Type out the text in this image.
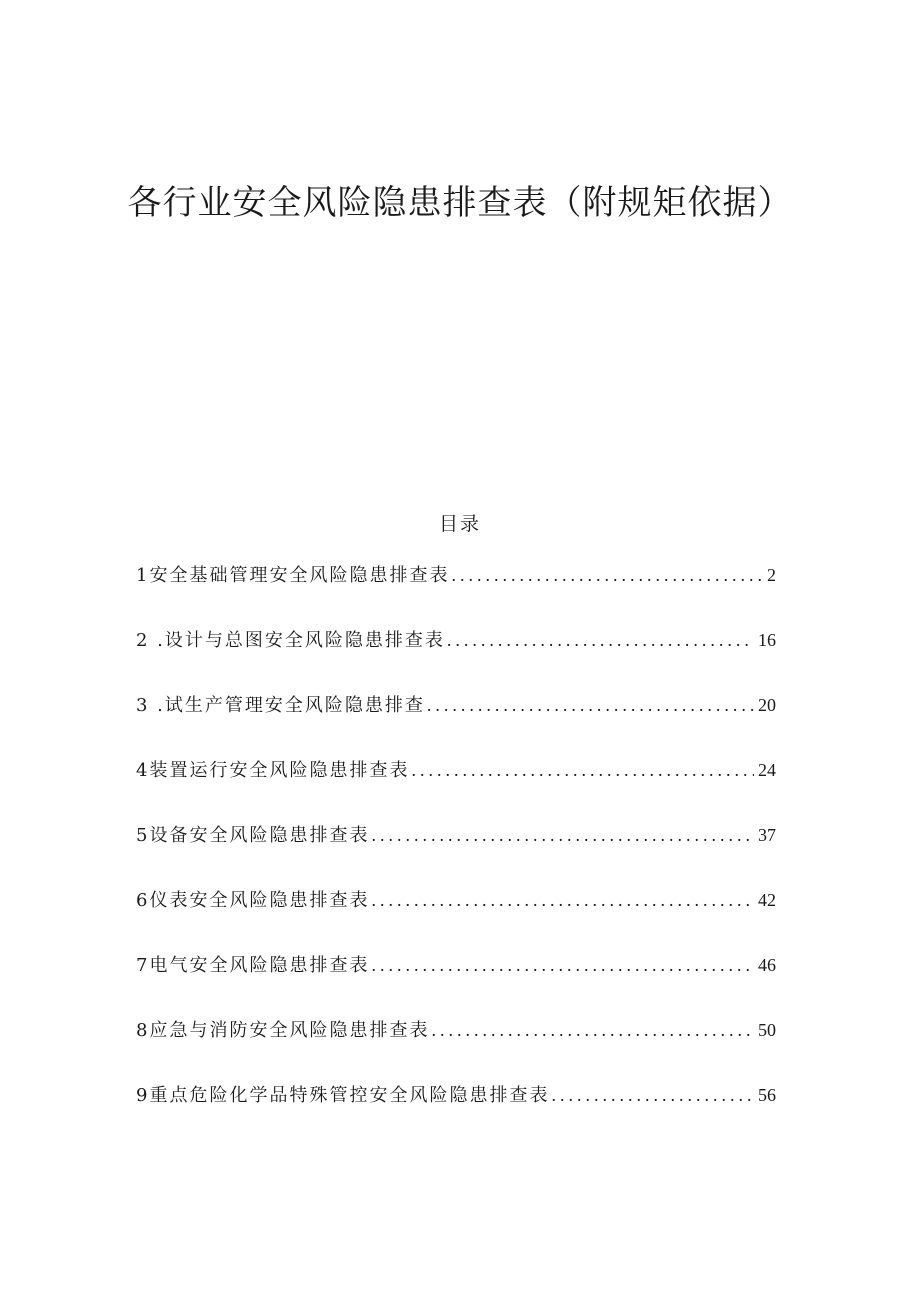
各行业安全风险隐患排查表（附规矩依据）
目录
1安全基础管理安全风险隐患排查表 .....	2
2 .设计与总图安全风险隐患排查表 .....	16
3 .试生产管理安全风险隐患排查 .....	20
4装置运行安全风险隐患排查表 .....	24
5设备安全风险隐患排查表 .....	37
6仪表安全风险隐患排查表 .....	42
7电气安全风险隐患排查表 .....	46
8应急与消防安全风险隐患排查表 .....	50
9重点危险化学品特殊管控安全风险隐患排查表 .....	56
